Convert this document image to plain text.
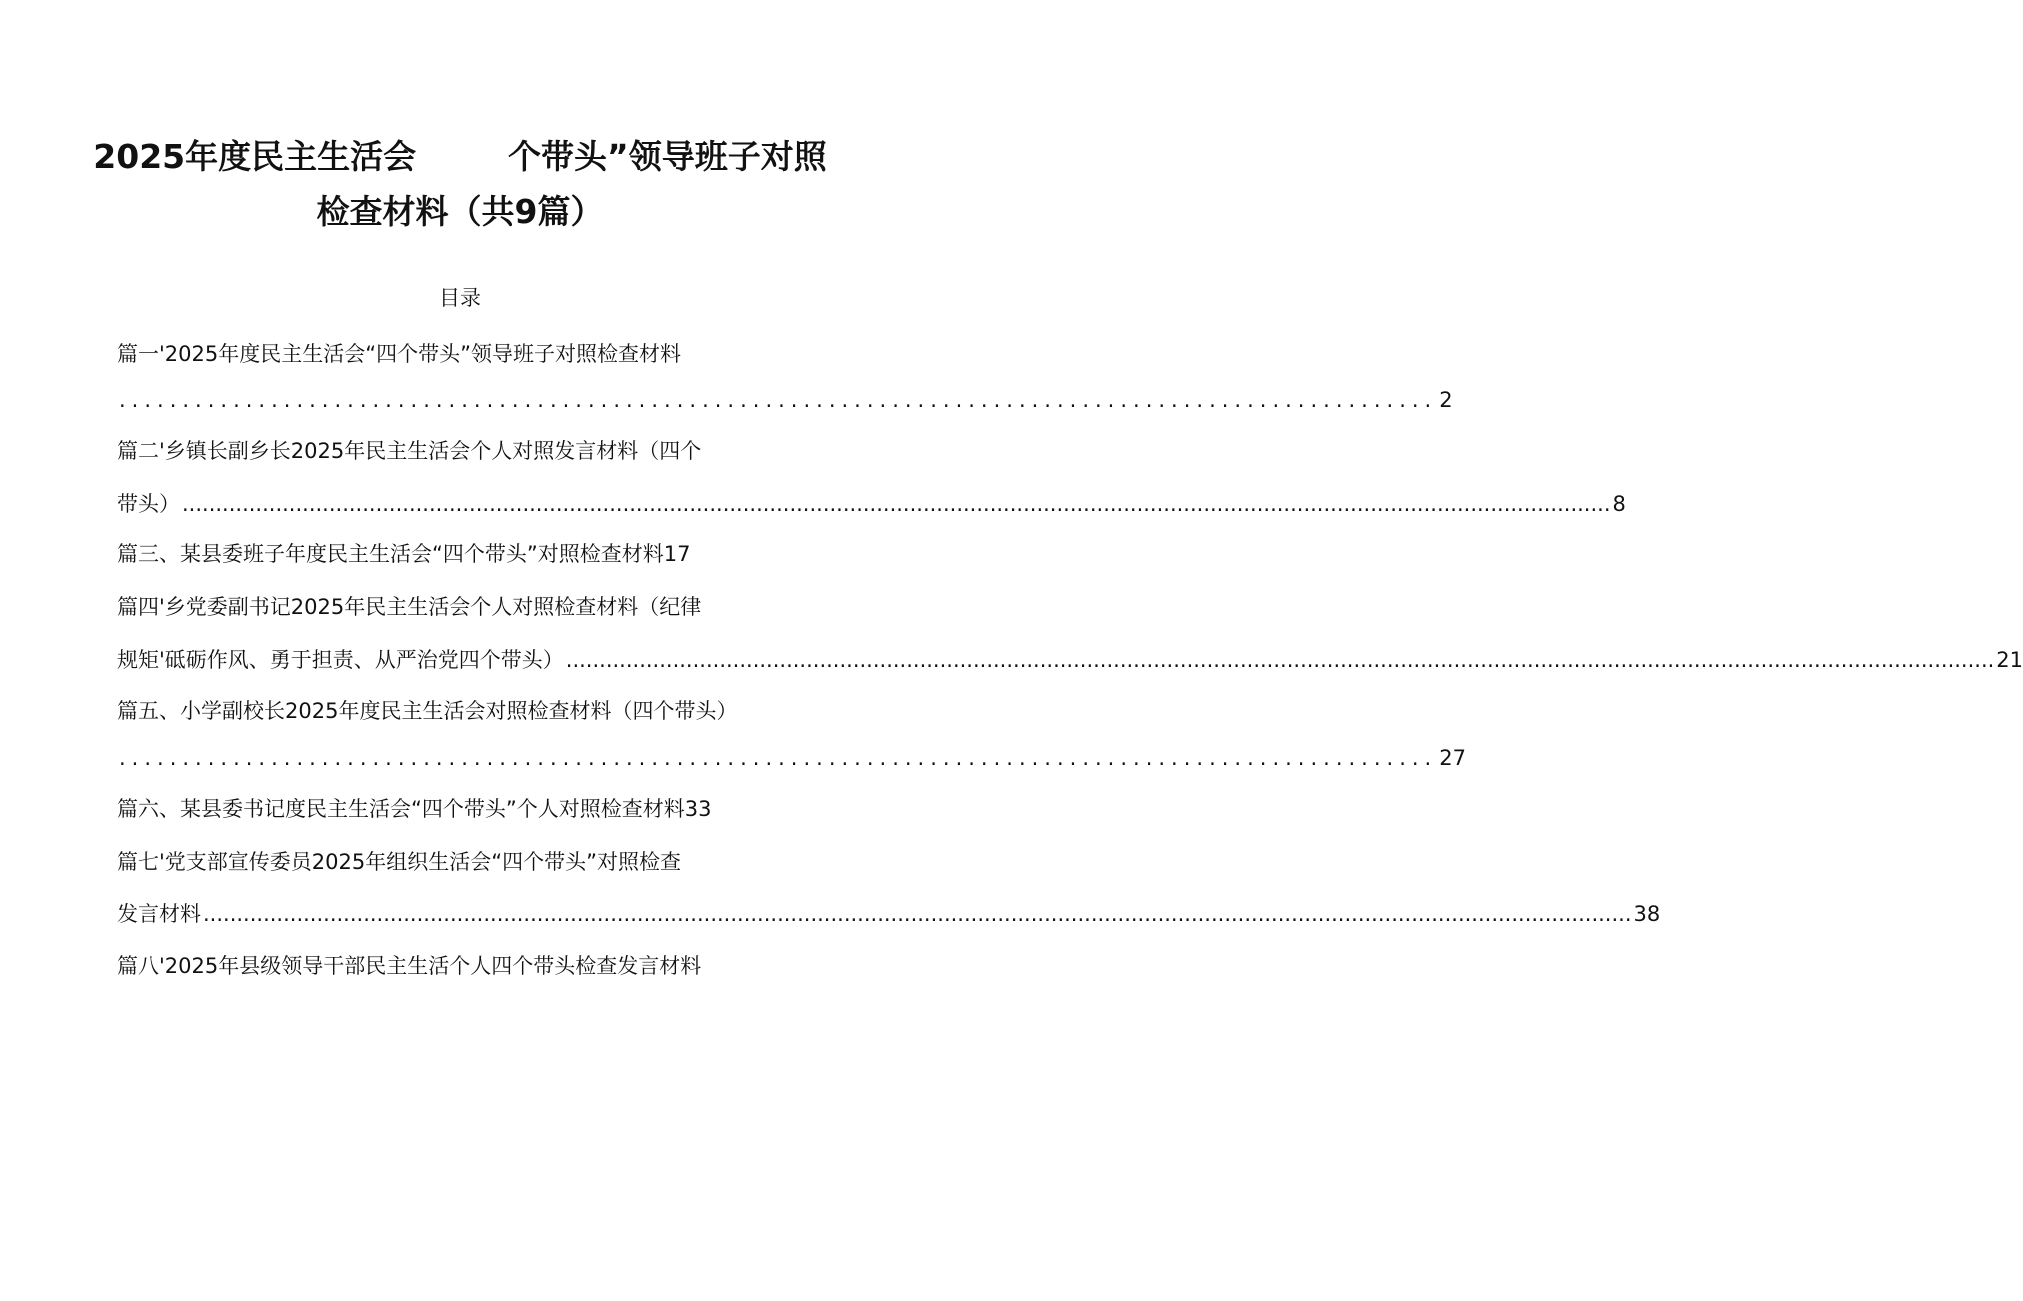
2025年度民主生活会        个带头”领导班子对照
检查材料（共9篇）
目录
篇一'2025年度民主生活会“四个带头”领导班子对照检查材料
........................................................................................................ 2
篇二'乡镇长副乡长2025年民主生活会个人对照发言材料（四个
带头） ...................................................................................................................................................................................................................... 8
篇三、某县委班子年度民主生活会“四个带头”对照检查材料17
篇四'乡党委副书记2025年民主生活会个人对照检查材料（纪律
规矩'砥砺作风、勇于担责、从严治党四个带头） ...................................................................................................................................................................................................................... 21
篇五、小学副校长2025年度民主生活会对照检查材料（四个带头）
........................................................................................................ 27
篇六、某县委书记度民主生活会“四个带头”个人对照检查材料33
篇七'党支部宣传委员2025年组织生活会“四个带头”对照检查
发言材料 ...................................................................................................................................................................................................................... 38
篇八'2025年县级领导干部民主生活个人四个带头检查发言材料
